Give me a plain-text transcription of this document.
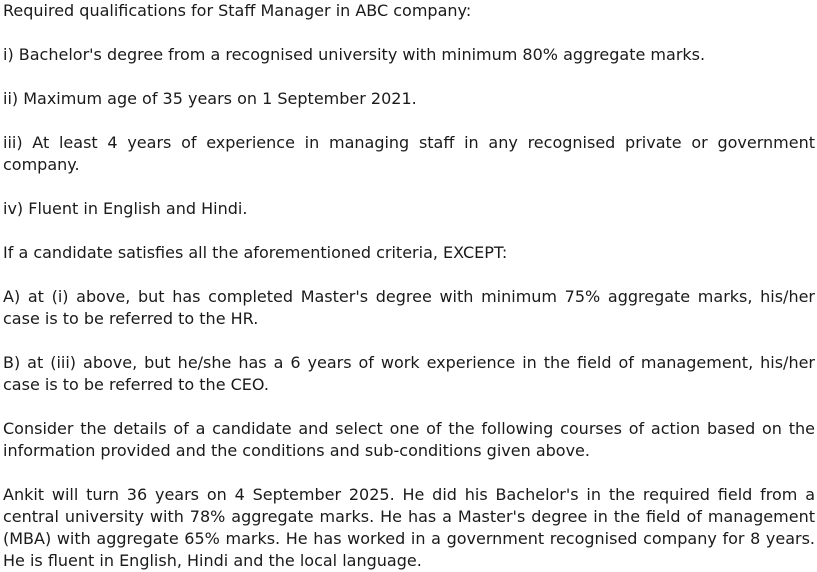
Required qualifications for Staff Manager in ABC company:

i) Bachelor's degree from a recognised university with minimum 80% aggregate marks.

ii) Maximum age of 35 years on 1 September 2021.

iii) At least 4 years of experience in managing staff in any recognised private or government company.

iv) Fluent in English and Hindi.

If a candidate satisfies all the aforementioned criteria, EXCEPT:

A) at (i) above, but has completed Master's degree with minimum 75% aggregate marks, his/her case is to be referred to the HR.

B) at (iii) above, but he/she has a 6 years of work experience in the field of management, his/her case is to be referred to the CEO.

Consider the details of a candidate and select one of the following courses of action based on the information provided and the conditions and sub-conditions given above.

Ankit will turn 36 years on 4 September 2025. He did his Bachelor's in the required field from a central university with 78% aggregate marks. He has a Master's degree in the field of management (MBA) with aggregate 65% marks. He has worked in a government recognised company for 8 years. He is fluent in English, Hindi and the local language.
